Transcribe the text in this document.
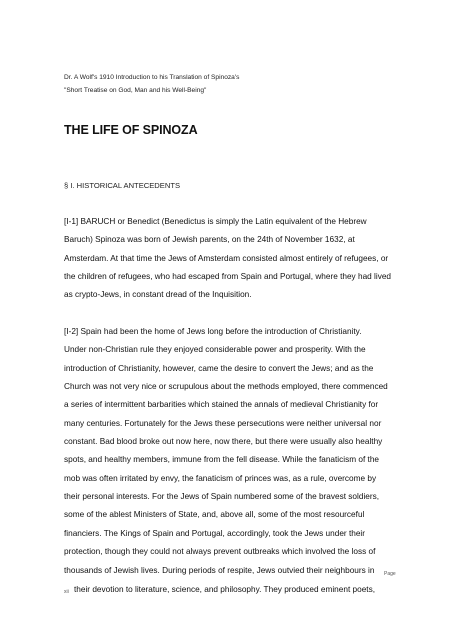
Dr. A Wolf's 1910 Introduction to his Translation of Spinoza's
"Short Treatise on God, Man and his Well-Being"
THE LIFE OF SPINOZA
§ I. HISTORICAL ANTECEDENTS
[I-1] BARUCH or Benedict (Benedictus is simply the Latin equivalent of the Hebrew
Baruch) Spinoza was born of Jewish parents, on the 24th of November 1632, at
Amsterdam. At that time the Jews of Amsterdam consisted almost entirely of refugees, or
the children of refugees, who had escaped from Spain and Portugal, where they had lived
as crypto-Jews, in constant dread of the Inquisition.
[I-2] Spain had been the home of Jews long before the introduction of Christianity.
Under non-Christian rule they enjoyed considerable power and prosperity. With the
introduction of Christianity, however, came the desire to convert the Jews; and as the
Church was not very nice or scrupulous about the methods employed, there commenced
a series of intermittent barbarities which stained the annals of medieval Christianity for
many centuries. Fortunately for the Jews these persecutions were neither universal nor
constant. Bad blood broke out now here, now there, but there were usually also healthy
spots, and healthy members, immune from the fell disease. While the fanaticism of the
mob was often irritated by envy, the fanaticism of princes was, as a rule, overcome by
their personal interests. For the Jews of Spain numbered some of the bravest soldiers,
some of the ablest Ministers of State, and, above all, some of the most resourceful
financiers. The Kings of Spain and Portugal, accordingly, took the Jews under their
protection, though they could not always prevent outbreaks which involved the loss of
thousands of Jewish lives. During periods of respite, Jews outvied their neighbours in
their devotion to literature, science, and philosophy. They produced eminent poets,
Page
xii
